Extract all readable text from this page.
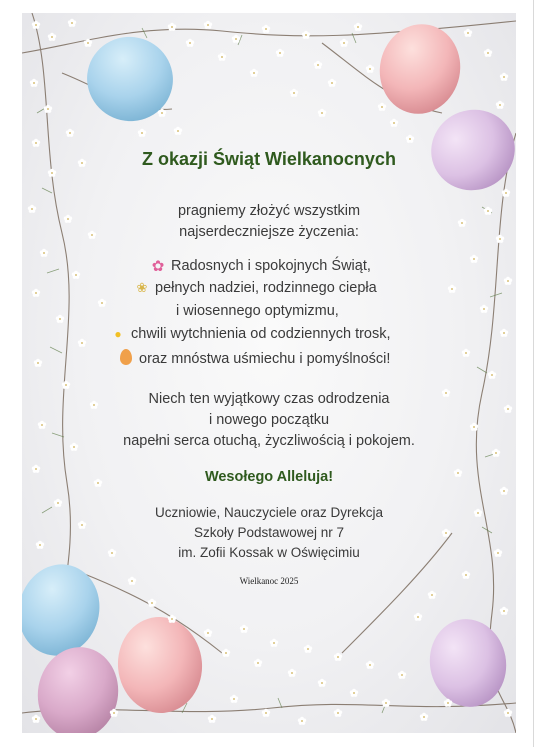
Z okazji Świąt Wielkanocnych
pragniemy złożyć wszystkim
najserdeczniejsze życzenia:
✿ Radosnych i spokojnych Świąt,
❀ pełnych nadziei, rodzinnego ciepła
i wiosennego optymizmu,
● chwili wytchnienia od codziennych trosk,
oraz mnóstwa uśmiechu i pomyślności!
Niech ten wyjątkowy czas odrodzenia
i nowego początku
napełni serca otuchą, życzliwością i pokojem.
Wesołego Alleluja!
Uczniowie, Nauczyciele oraz Dyrekcja
Szkoły Podstawowej nr 7
im. Zofii Kossak w Oświęcimiu
Wielkanoc 2025
